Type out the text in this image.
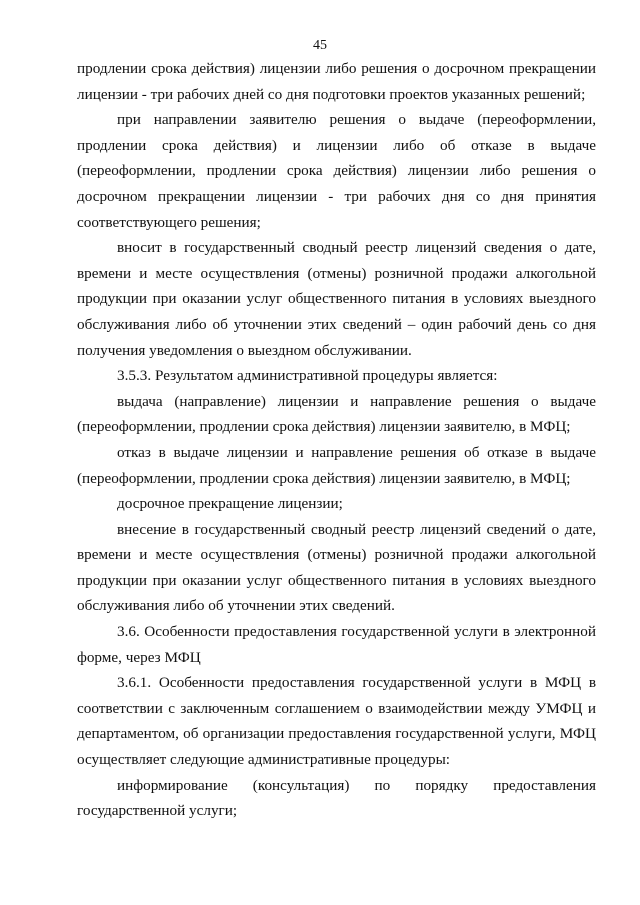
45

продлении срока действия) лицензии либо решения о досрочном прекращении лицензии - три рабочих дней со дня подготовки проектов указанных решений;

при направлении заявителю решения о выдаче (переоформлении, продлении срока действия) и лицензии либо об отказе в выдаче (переоформлении, продлении срока действия) лицензии либо решения о досрочном прекращении лицензии - три рабочих дня со дня принятия соответствующего решения;

вносит в государственный сводный реестр лицензий сведения о дате, времени и месте осуществления (отмены) розничной продажи алкогольной продукции при оказании услуг общественного питания в условиях выездного обслуживания либо об уточнении этих сведений – один рабочий день со дня получения уведомления о выездном обслуживании.

3.5.3. Результатом административной процедуры является:

выдача (направление) лицензии и направление решения о выдаче (переоформлении, продлении срока действия) лицензии заявителю, в МФЦ;

отказ в выдаче лицензии и направление решения об отказе в выдаче (переоформлении, продлении срока действия) лицензии заявителю, в МФЦ;

досрочное прекращение лицензии;

внесение в государственный сводный реестр лицензий сведений о дате, времени и месте осуществления (отмены) розничной продажи алкогольной продукции при оказании услуг общественного питания в условиях выездного обслуживания либо об уточнении этих сведений.

3.6. Особенности предоставления государственной услуги в электронной форме, через МФЦ

3.6.1. Особенности предоставления государственной услуги в МФЦ в соответствии с заключенным соглашением о взаимодействии между УМФЦ и департаментом, об организации предоставления государственной услуги, МФЦ осуществляет следующие административные процедуры:

информирование (консультация) по порядку предоставления государственной услуги;
